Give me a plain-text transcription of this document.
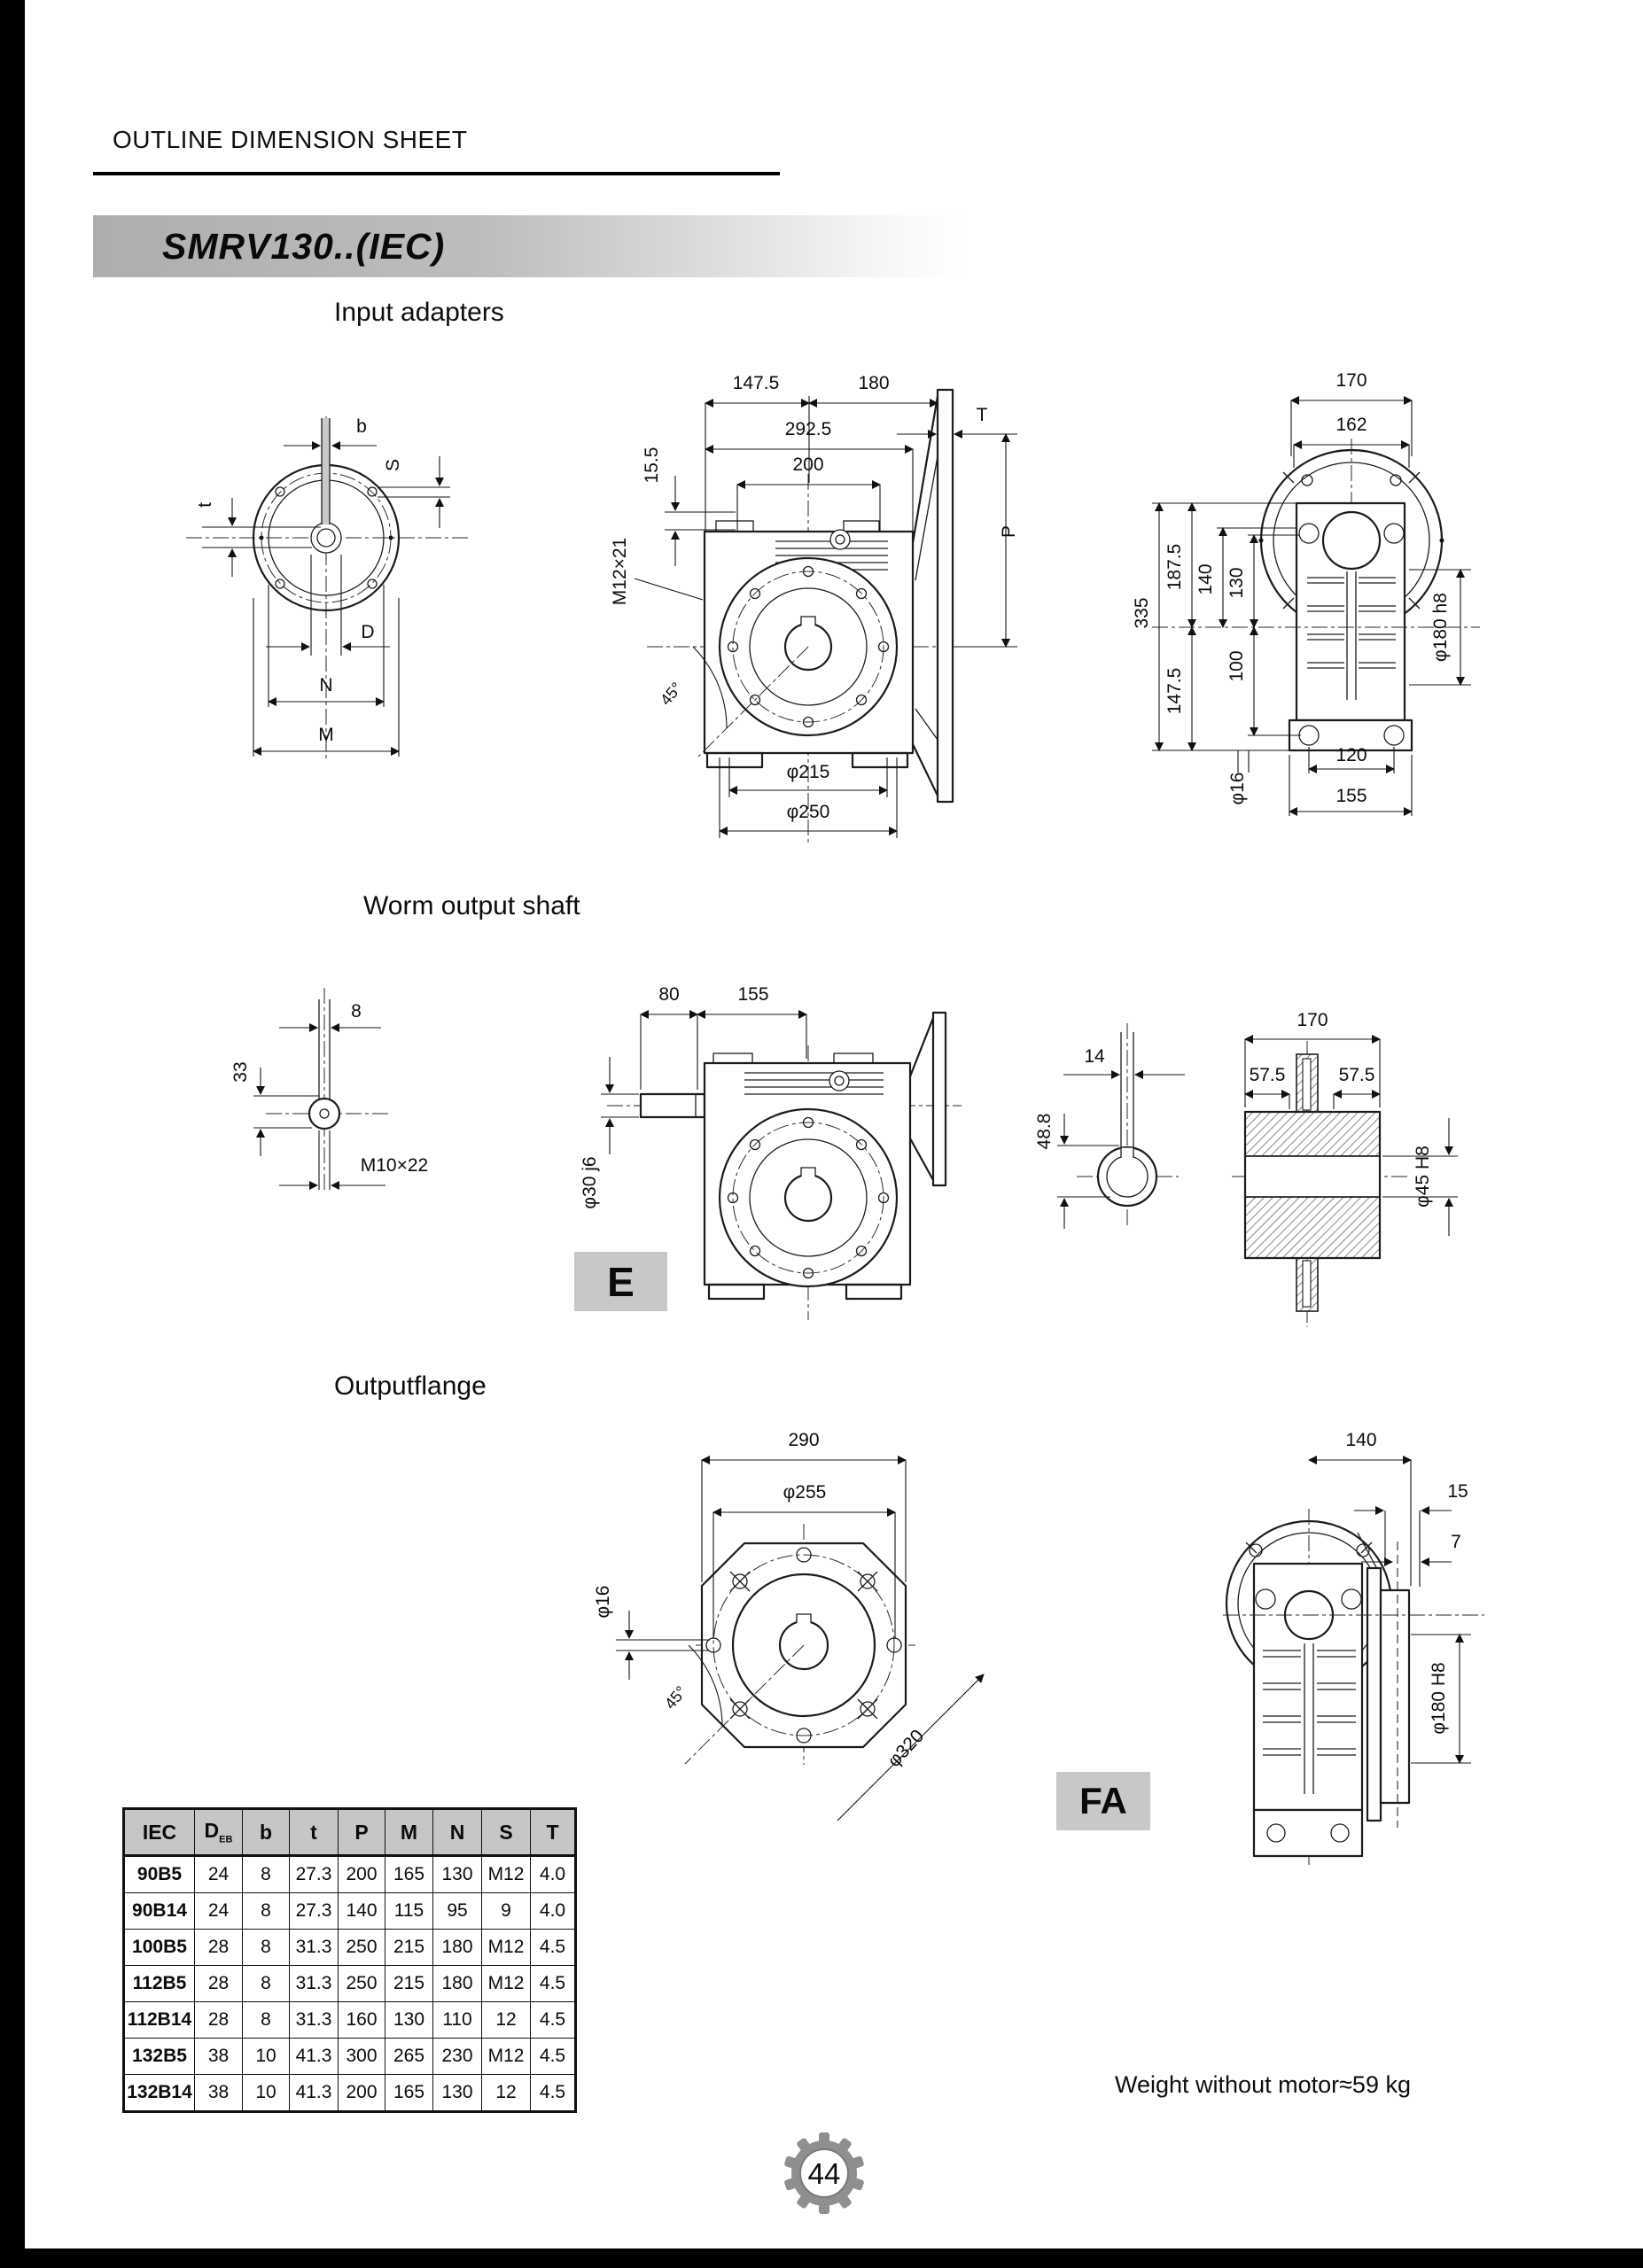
OUTLINE DIMENSION SHEET
SMRV130..(IEC)
Input adapters
Worm output shaft
Outputflange
b
S
t
D
N
M
147.5	180
292.5
200
T
15.5
M12×21
P
45°
φ215
φ250
170
162
335
187.5 140 130
147.5
100
φ180 h8
φ16
120
155
8
33
M10×22
80	155
φ30 j6
E
14
48.8
170
57.5	57.5
φ45 H8
290
φ255
φ16
45°
φ320
140
15
7
φ180 H8
FA
IEC	$D_{EB}$	b	t	P	M	N	S	T
90B5	24	8	27.3	200	165	130	M12	4.0
90B14	24	8	27.3	140	115	95	9	4.0
100B5	28	8	31.3	250	215	180	M12	4.5
112B5	28	8	31.3	250	215	180	M12	4.5
112B14	28	8	31.3	160	130	110	12	4.5
132B5	38	10	41.3	300	265	230	M12	4.5
132B14	38	10	41.3	200	165	130	12	4.5	Weight without motor≈59 kg
44
